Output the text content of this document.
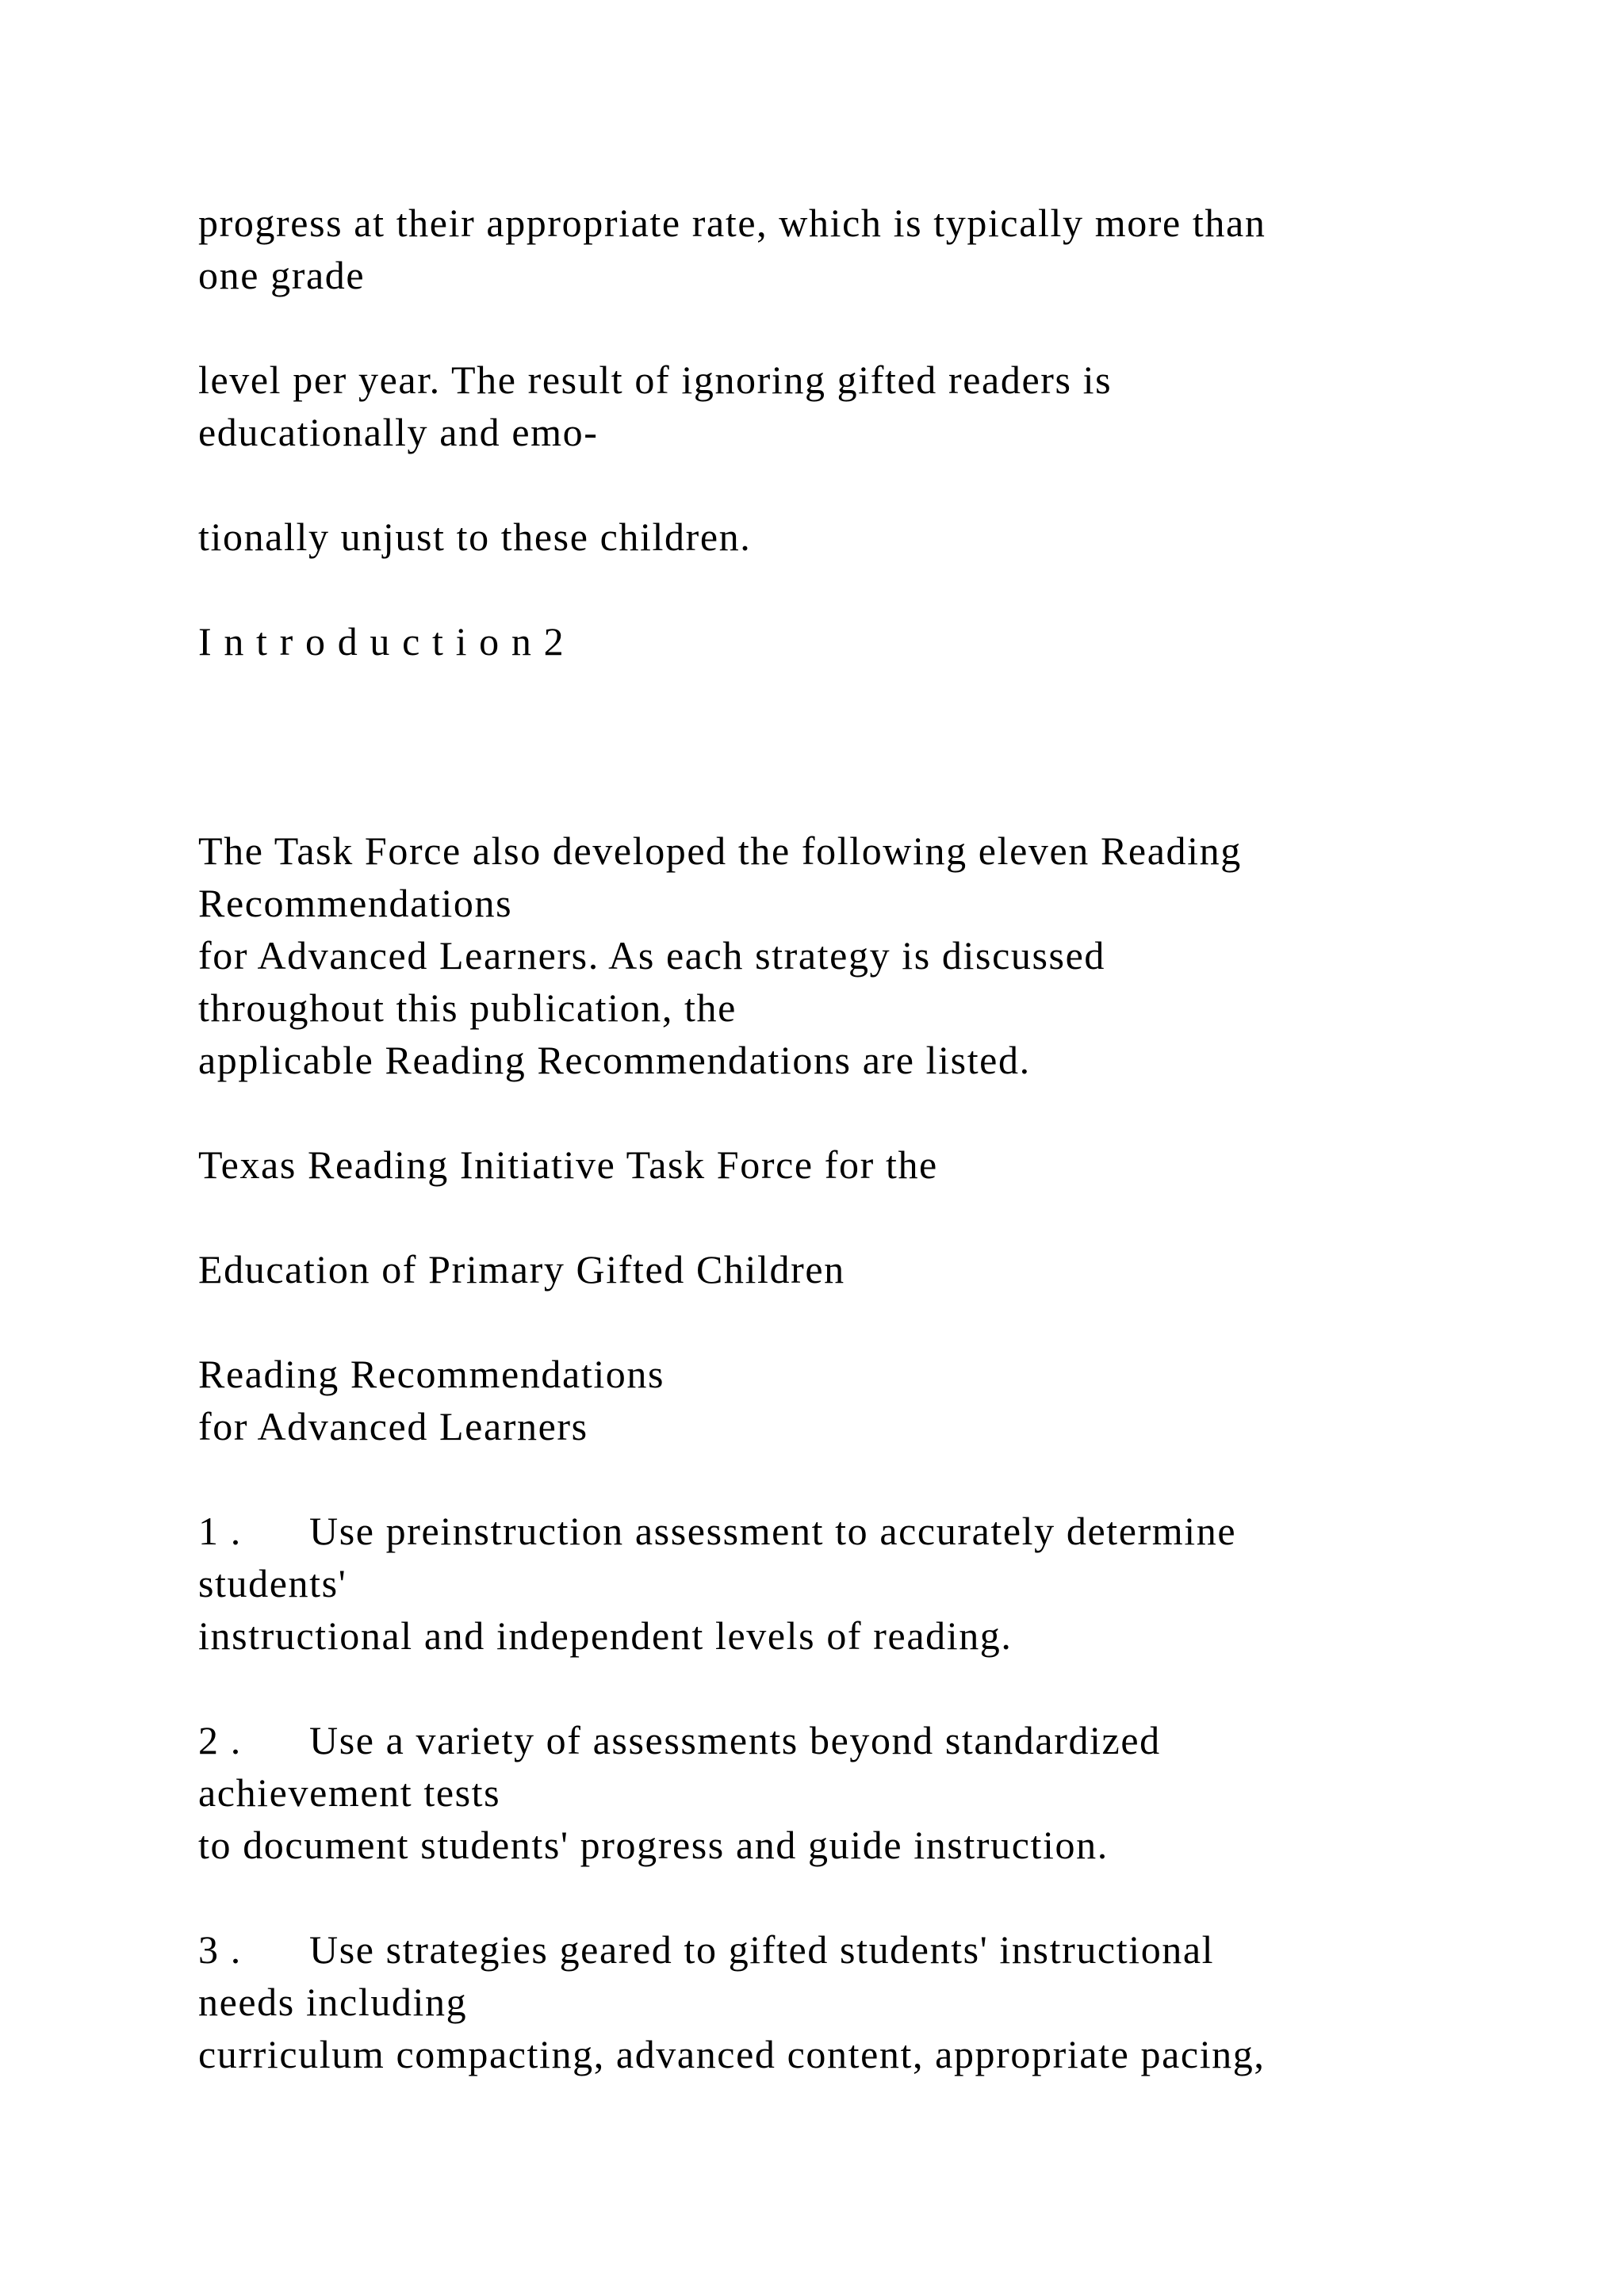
progress at their appropriate rate, which is typically more than
one grade
level per year. The result of ignoring gifted readers is
educationally and emo-
tionally unjust to these children.
I n t r o d u c t i o n 2
The Task Force also developed the following eleven Reading
Recommendations
for Advanced Learners. As each strategy is discussed
throughout this publication, the
applicable Reading Recommendations are listed.
Texas Reading Initiative Task Force for the
Education of Primary Gifted Children
Reading Recommendations
for Advanced Learners
1 . Use preinstruction assessment to accurately determine
students'
instructional and independent levels of reading.
2 . Use a variety of assessments beyond standardized
achievement tests
to document students' progress and guide instruction.
3 . Use strategies geared to gifted students' instructional
needs including
curriculum compacting, advanced content, appropriate pacing,
